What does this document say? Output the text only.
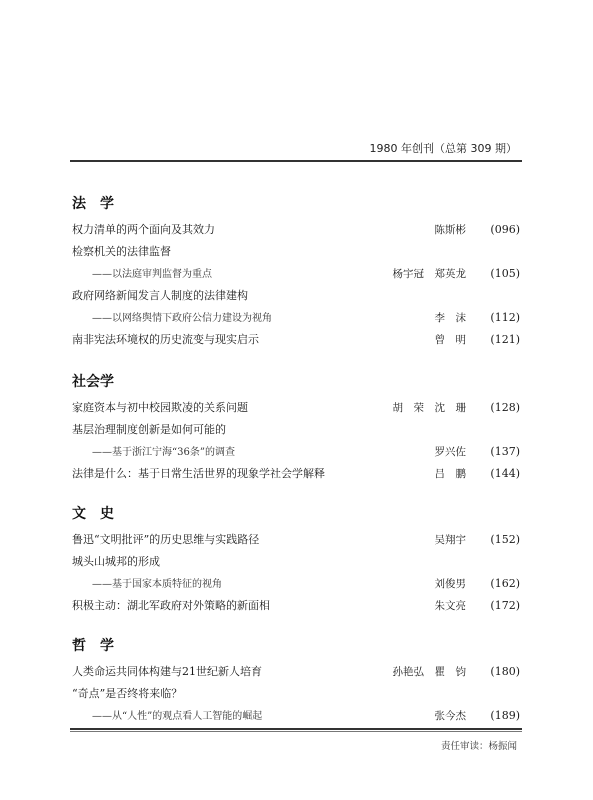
1980 年创刊（总第 309 期）
法　学
权力清单的两个面向及其效力	陈斯彬 (096)
检察机关的法律监督
——以法庭审判监督为重点	杨宇冠　郑英龙 (105)
政府网络新闻发言人制度的法律建构
——以网络舆情下政府公信力建设为视角	李　沫 (112)
南非宪法环境权的历史流变与现实启示	曾　明 (121)
社会学
家庭资本与初中校园欺凌的关系问题	胡　荣　沈　珊 (128)
基层治理制度创新是如何可能的
——基于浙江宁海“36条”的调查	罗兴佐 (137)
法律是什么：基于日常生活世界的现象学社会学解释	吕　鹏 (144)
文　史
鲁迅“文明批评”的历史思维与实践路径	吴翔宇 (152)
城头山城邦的形成
——基于国家本质特征的视角	刘俊男 (162)
积极主动：湖北军政府对外策略的新面相	朱文亮 (172)
哲　学
人类命运共同体构建与21世纪新人培育	孙艳弘　瞿　钧 (180)
“奇点”是否终将来临？
——从“人性”的观点看人工智能的崛起	张今杰 (189)
责任审读：杨振闻
